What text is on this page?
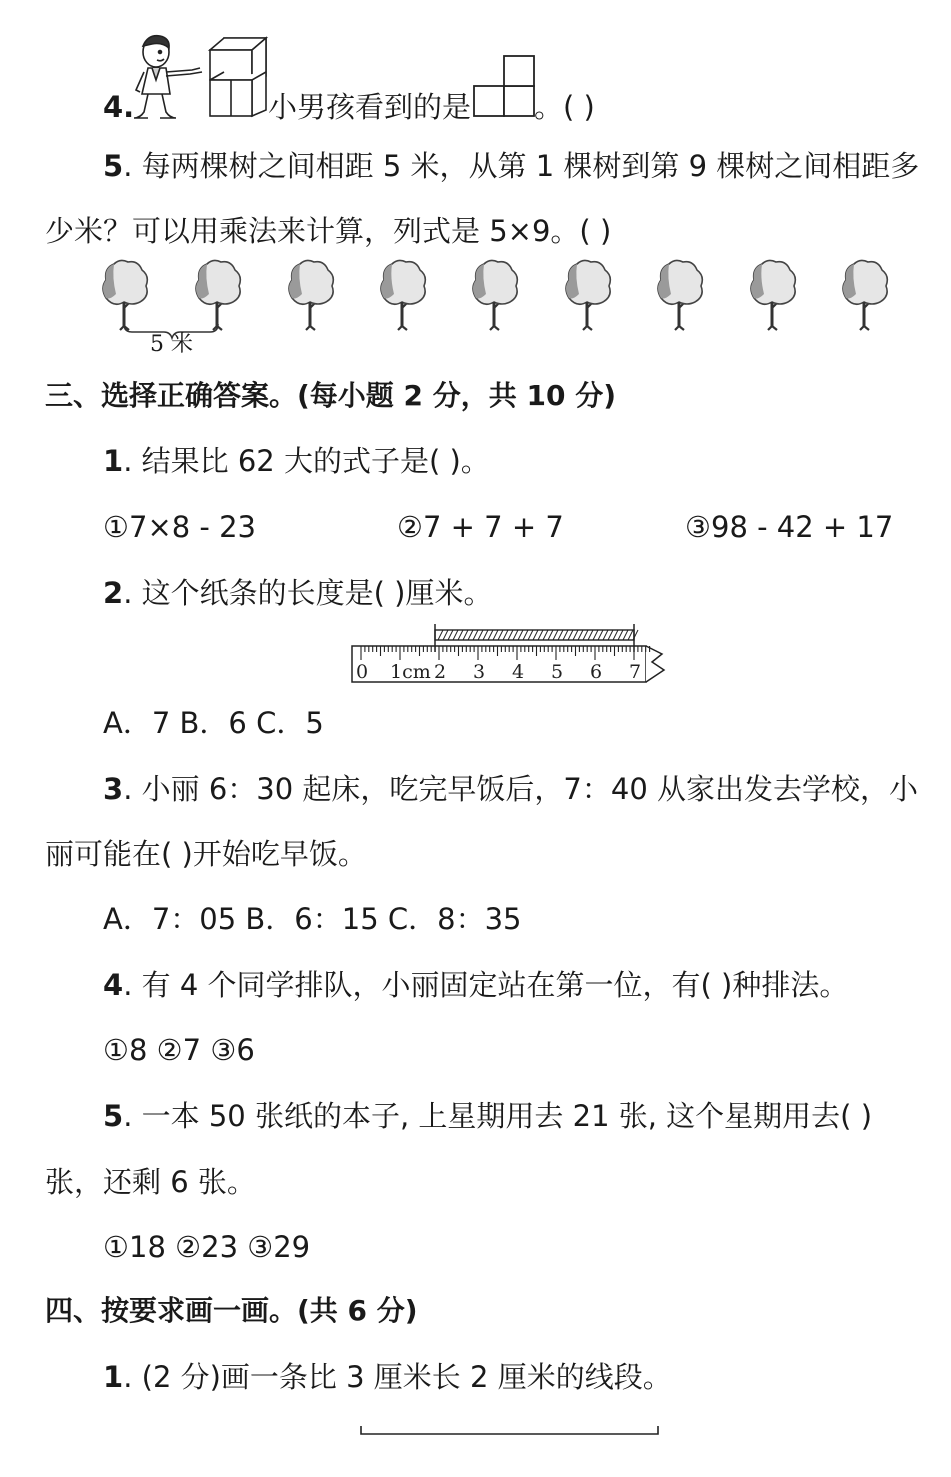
4.	小男孩看到的是 。( )
5. 每两棵树之间相距 5 米，从第 1 棵树到第 9 棵树之间相距多
少米？可以用乘法来计算，列式是 5×9。( )
5 米
三、选择正确答案。(每小题 2 分，共 10 分)
1. 结果比 62 大的式子是( )。
①7×8 - 23	②7 + 7 + 7	③98 - 42 + 17
2. 这个纸条的长度是( )厘米。
0 1cm 2 3 4 5 6 7
A．7 B．6 C．5
3. 小丽 6：30 起床，吃完早饭后，7：40 从家出发去学校，小
丽可能在( )开始吃早饭。
A．7：05 B．6：15 C．8：35
4. 有 4 个同学排队，小丽固定站在第一位，有( )种排法。
①8 ②7 ③6
5. 一本 50 张纸的本子, 上星期用去 21 张, 这个星期用去( )
张，还剩 6 张。
①18 ②23 ③29
四、按要求画一画。(共 6 分)
1. (2 分)画一条比 3 厘米长 2 厘米的线段。
